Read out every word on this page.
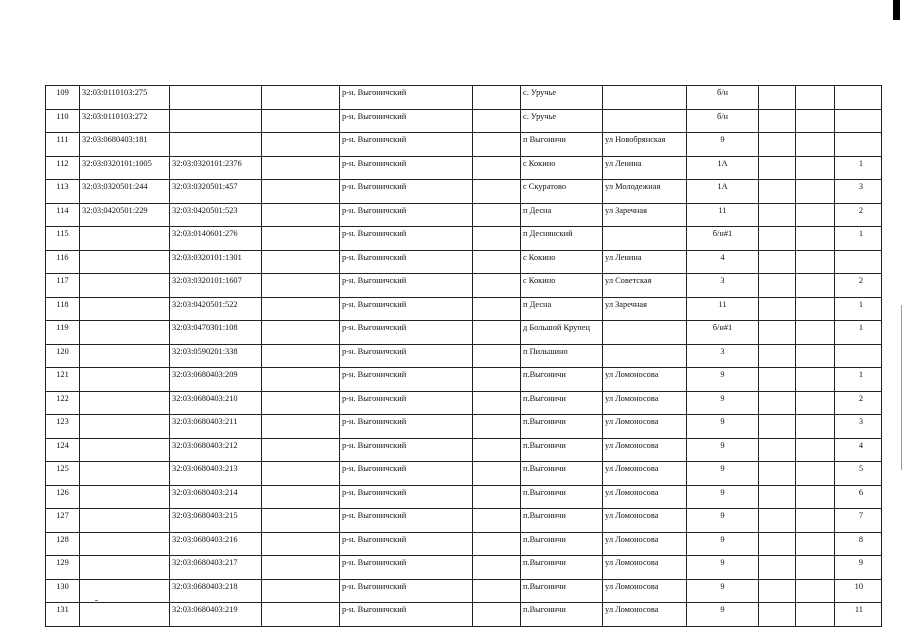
109	32:03:0110103:275			р-н. Выгоничский		с. Уручье		б/н			
110	32:03:0110103:272			р-н. Выгоничский		с. Уручье		б/н			
111	32:03:0680403:181			р-н. Выгоничский		п Выгоничи	ул Новобрянская	9			
112	32:03:0320101:1005	32:03:0320101:2376		р-н. Выгоничский		с Кокино	ул Ленина	1А			1
113	32:03:0320501:244	32:03:0320501:457		р-н. Выгоничский		с Скуратово	ул Молодежная	1А			3
114	32:03:0420501:229	32:03:0420501:523		р-н. Выгоничский		п Десна	ул Заречная	11			2
115		32:03:0140601:276		р-н. Выгоничский		п Деснянский		б/н#1			1
116		32:03:0320101:1301		р-н. Выгоничский		с Кокино	ул Ленина	4			
117		32:03:0320101:1607		р-н. Выгоничский		с Кокино	ул Советская	3			2
118		32:03:0420501:522		р-н. Выгоничский		п Десна	ул Заречная	11			1
119		32:03:0470301:108		р-н. Выгоничский		д Большой Крупец		б/н#1			1
120		32:03:0590201:338		р-н. Выгоничский		п Пильшино		3			
121		32:03:0680403:209		р-н. Выгоничский		п.Выгоничи	ул Ломоносова	9			1
122		32:03:0680403:210		р-н. Выгоничский		п.Выгоничи	ул Ломоносова	9			2
123		32:03:0680403:211		р-н. Выгоничский		п.Выгоничи	ул Ломоносова	9			3
124		32:03:0680403:212		р-н. Выгоничский		п.Выгоничи	ул Ломоносова	9			4
125		32:03:0680403:213		р-н. Выгоничский		п.Выгоничи	ул Ломоносова	9			5
126		32:03:0680403:214		р-н. Выгоничский		п.Выгоничи	ул Ломоносова	9			6
127		32:03:0680403:215		р-н. Выгоничский		п.Выгоничи	ул Ломоносова	9			7
128		32:03:0680403:216		р-н. Выгоничский		п.Выгоничи	ул Ломоносова	9			8
129		32:03:0680403:217		р-н. Выгоничский		п.Выгоничи	ул Ломоносова	9			9
130		32:03:0680403:218		р-н. Выгоничский		п.Выгоничи	ул Ломоносова	9			10
131		32:03:0680403:219		р-н. Выгоничский		п.Выгоничи	ул Ломоносова	9			11
